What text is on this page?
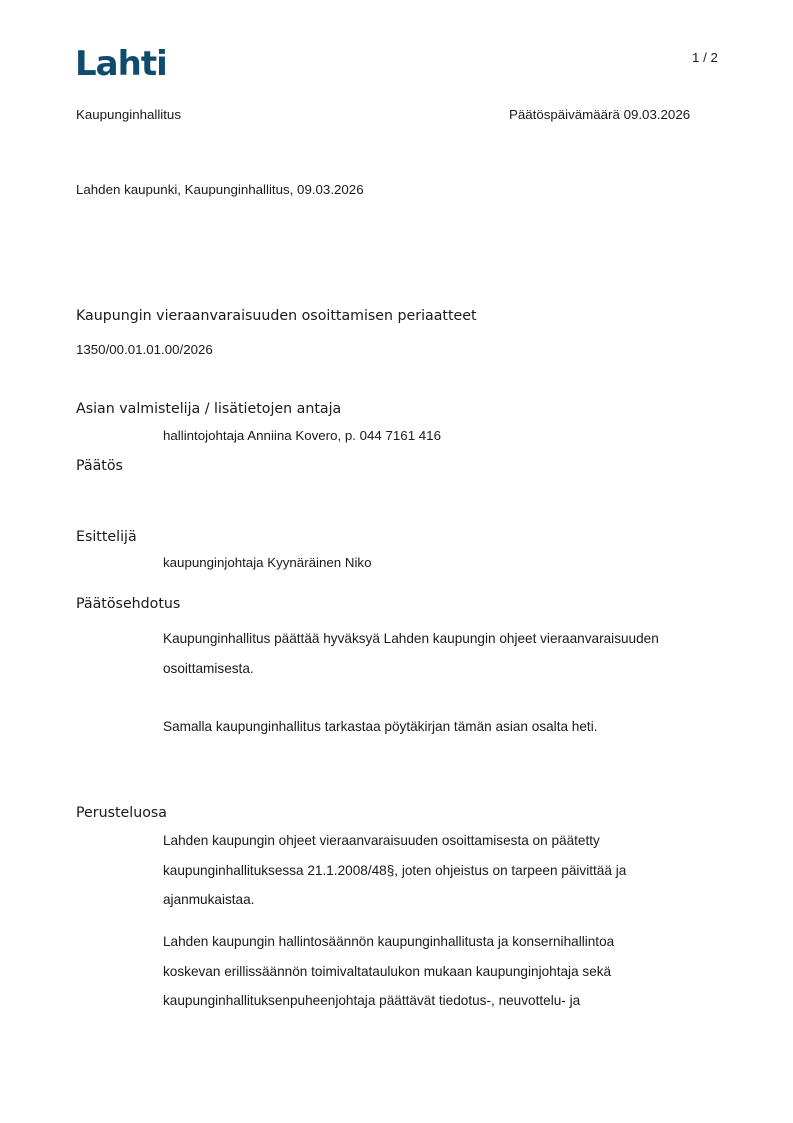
Lahti	1 / 2
Kaupunginhallitus	Päätöspäivämäärä 09.03.2026
Lahden kaupunki, Kaupunginhallitus, 09.03.2026
Kaupungin vieraanvaraisuuden osoittamisen periaatteet
1350/00.01.01.00/2026
Asian valmistelija / lisätietojen antaja
hallintojohtaja Anniina Kovero, p. 044 7161 416
Päätös
Esittelijä
kaupunginjohtaja Kyynäräinen Niko
Päätösehdotus

Kaupunginhallitus päättää hyväksyä Lahden kaupungin ohjeet vieraanvaraisuuden

osoittamisesta.

Samalla kaupunginhallitus tarkastaa pöytäkirjan tämän asian osalta heti.

Perusteluosa

Lahden kaupungin ohjeet vieraanvaraisuuden osoittamisesta on päätetty

kaupunginhallituksessa 21.1.2008/48§, joten ohjeistus on tarpeen päivittää ja

ajanmukaistaa.

Lahden kaupungin hallintosäännön kaupunginhallitusta ja konsernihallintoa

koskevan erillissäännön toimivaltataulukon mukaan kaupunginjohtaja sekä

kaupunginhallituksenpuheenjohtaja päättävät tiedotus-, neuvottelu- ja
